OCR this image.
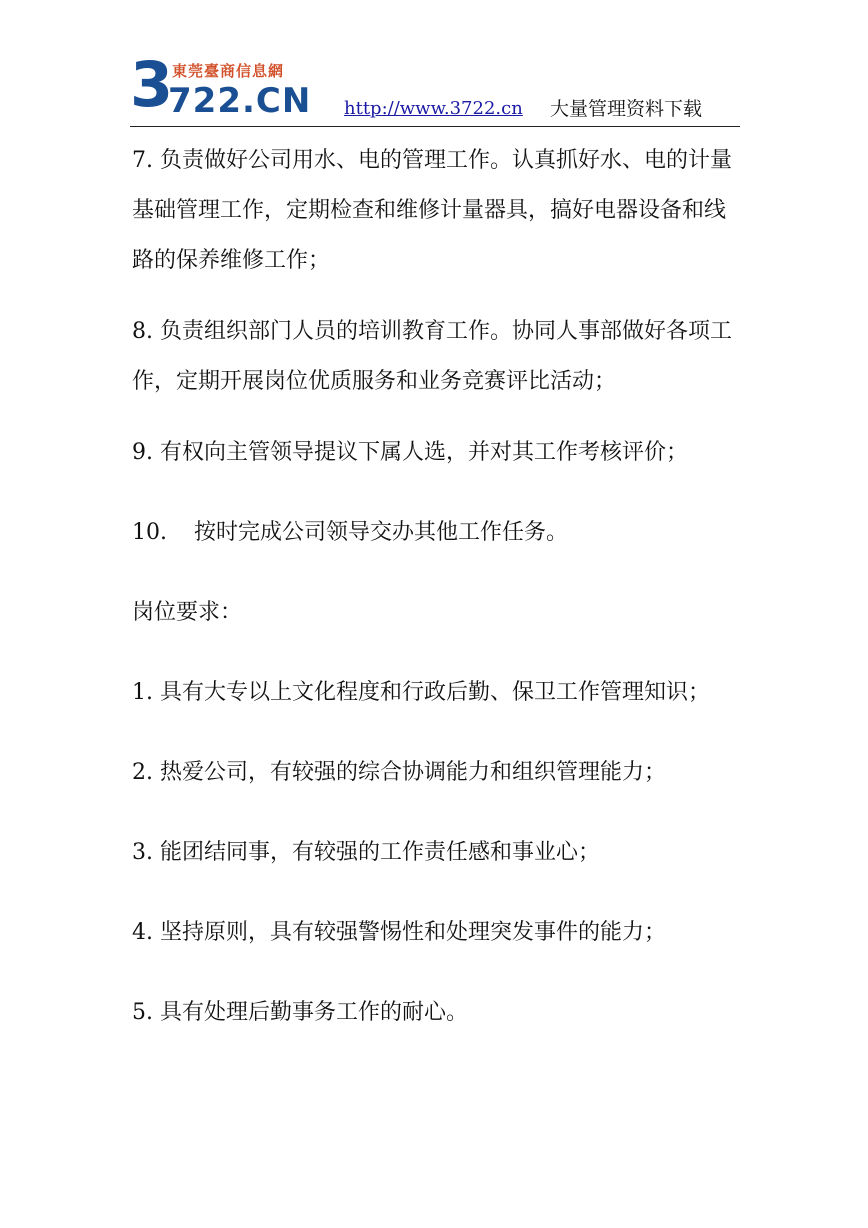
3
722.CN
東莞臺商信息網
http://www.3722.cn 大量管理资料下载

7. 负责做好公司用水、电的管理工作。认真抓好水、电的计量基础管理工作，定期检查和维修计量器具，搞好电器设备和线路的保养维修工作；

8. 负责组织部门人员的培训教育工作。协同人事部做好各项工作，定期开展岗位优质服务和业务竞赛评比活动；

9. 有权向主管领导提议下属人选，并对其工作考核评价；

10. 按时完成公司领导交办其他工作任务。

岗位要求：

1. 具有大专以上文化程度和行政后勤、保卫工作管理知识；

2. 热爱公司，有较强的综合协调能力和组织管理能力；

3. 能团结同事，有较强的工作责任感和事业心；

4. 坚持原则，具有较强警惕性和处理突发事件的能力；

5. 具有处理后勤事务工作的耐心。
